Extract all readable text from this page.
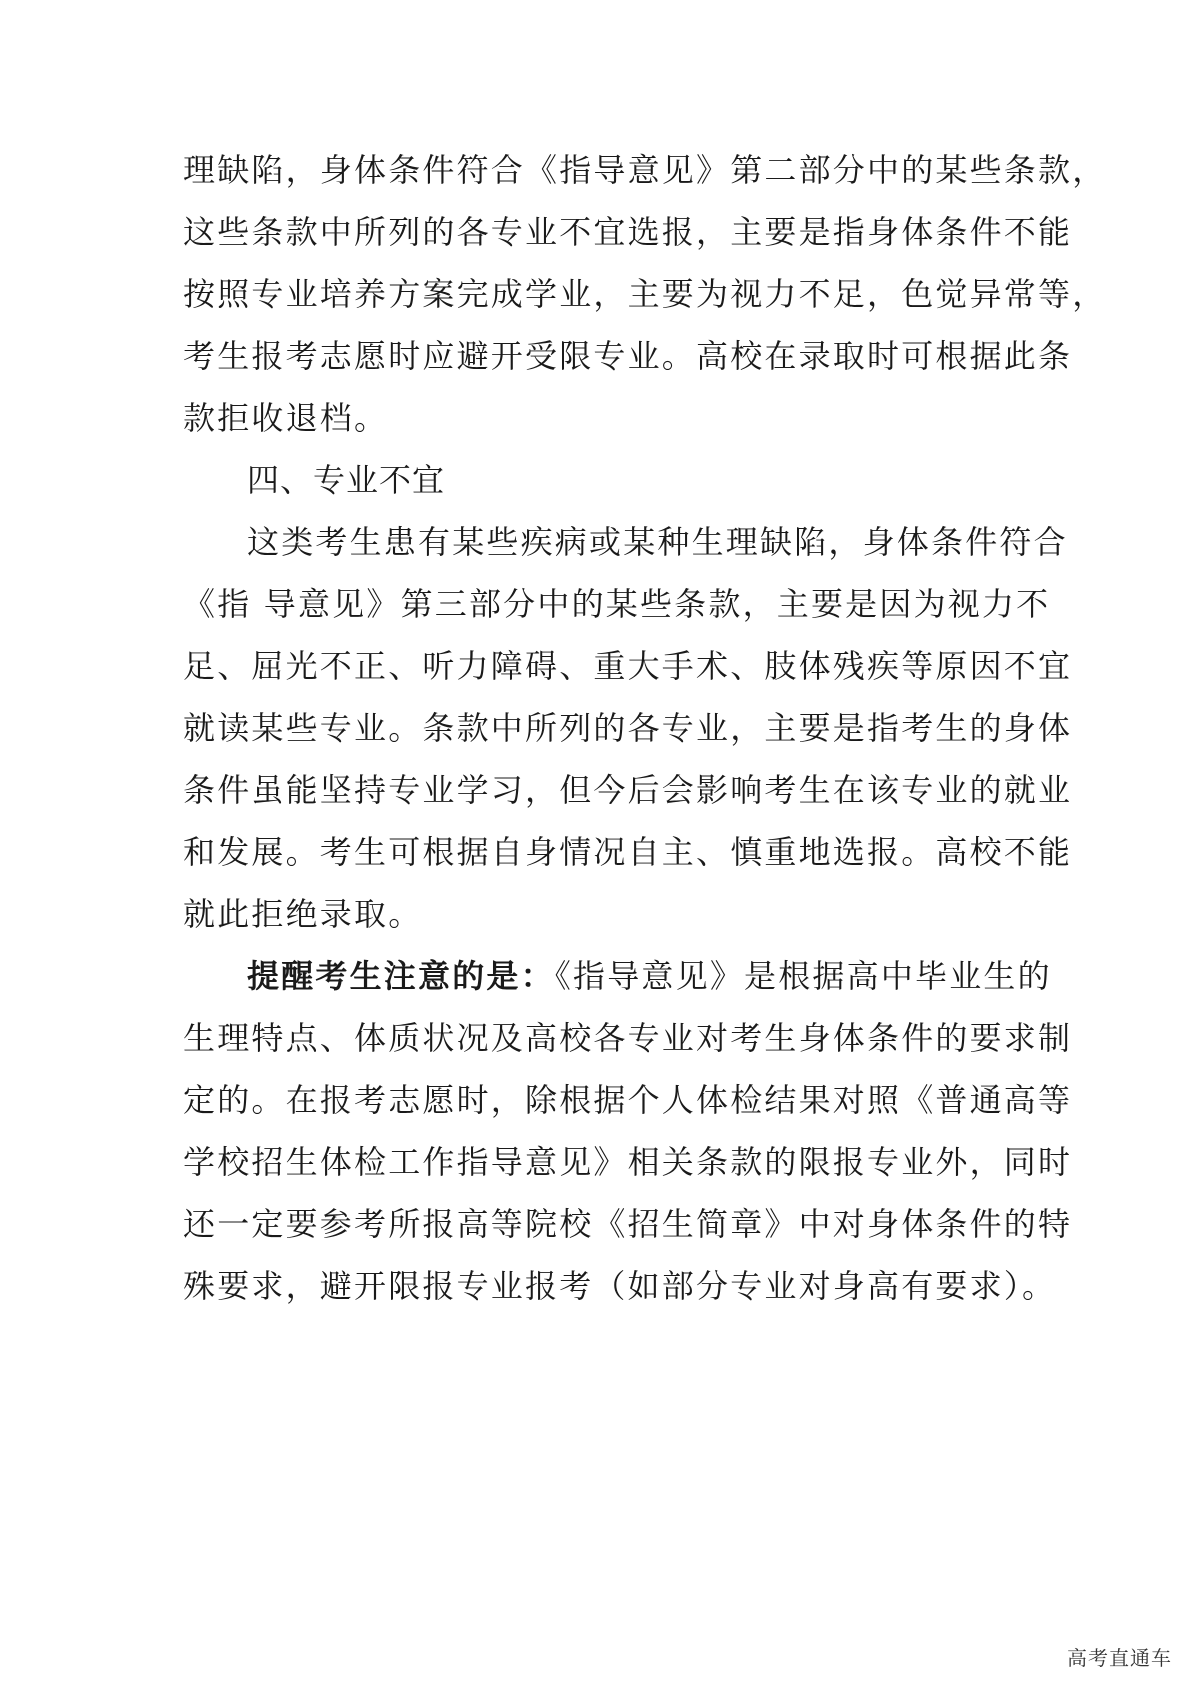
理缺陷，身体条件符合《指导意见》第二部分中的某些条款，
这些条款中所列的各专业不宜选报，主要是指身体条件不能
按照专业培养方案完成学业，主要为视力不足，色觉异常等，
考生报考志愿时应避开受限专业。高校在录取时可根据此条
款拒收退档。
四、专业不宜
这类考生患有某些疾病或某种生理缺陷，身体条件符合
《指 导意见》第三部分中的某些条款，主要是因为视力不
足、屈光不正、听力障碍、重大手术、肢体残疾等原因不宜
就读某些专业。条款中所列的各专业，主要是指考生的身体
条件虽能坚持专业学习，但今后会影响考生在该专业的就业
和发展。考生可根据自身情况自主、慎重地选报。高校不能
就此拒绝录取。
提醒考生注意的是：《指导意见》是根据高中毕业生的
生理特点、体质状况及高校各专业对考生身体条件的要求制
定的。在报考志愿时，除根据个人体检结果对照《普通高等
学校招生体检工作指导意见》相关条款的限报专业外，同时
还一定要参考所报高等院校《招生简章》中对身体条件的特
殊要求，避开限报专业报考（如部分专业对身高有要求）。
高考直通车
